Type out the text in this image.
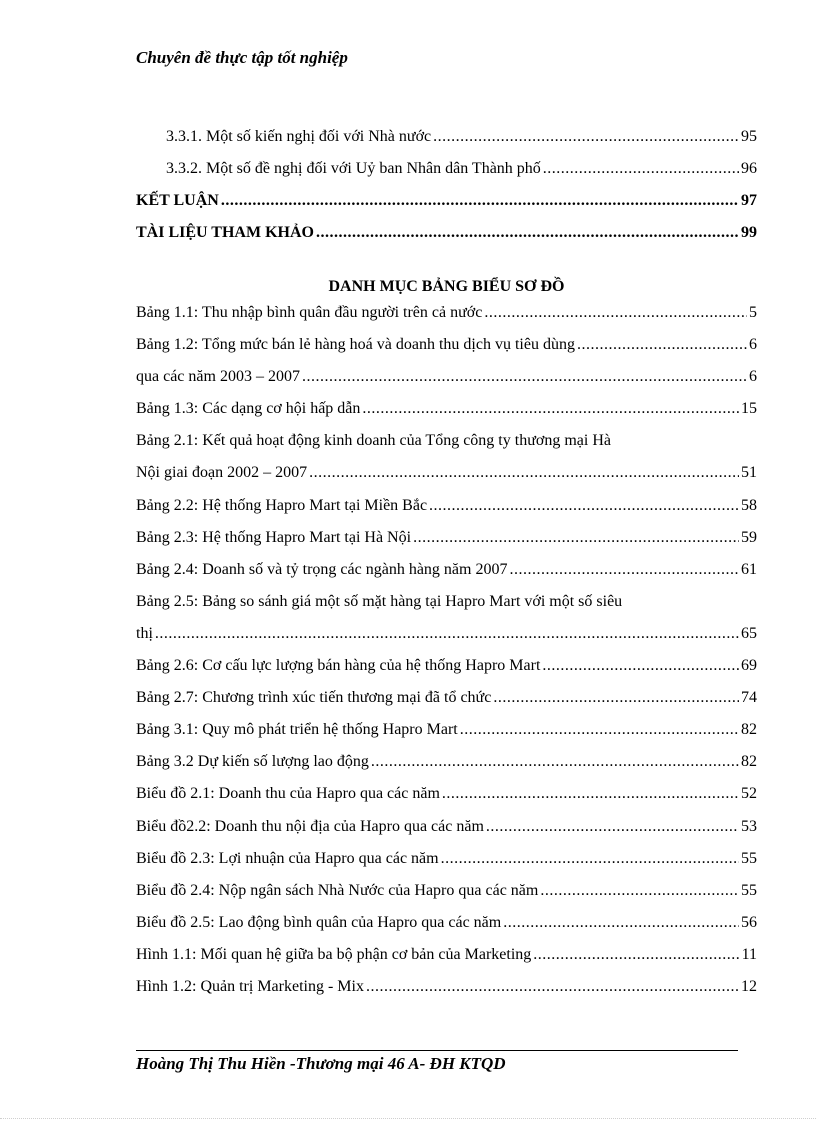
Chuyên đề thực tập tốt nghiệp
3.3.1. Một số kiến nghị đối với Nhà nước .....	95
3.3.2. Một số đề nghị đối với Uỷ ban Nhân dân Thành phố .....	96
KẾT LUẬN .....	97
TÀI LIỆU THAM KHẢO .....	99
DANH MỤC BẢNG BIỂU SƠ ĐỒ
Bảng 1.1: Thu nhập bình quân đầu người trên cả nước .....	5
Bảng 1.2: Tổng mức bán lẻ hàng hoá và doanh thu dịch vụ tiêu dùng .....	6
qua các năm 2003 – 2007 .....	6
Bảng 1.3: Các dạng cơ hội hấp dẫn .....	15
Bảng 2.1: Kết quả hoạt động kinh doanh của Tổng công ty thương mại Hà
Nội giai đoạn 2002 – 2007 .....	51
Bảng 2.2: Hệ thống Hapro Mart tại Miền Bắc .....	58
Bảng 2.3: Hệ thống Hapro Mart tại Hà Nội .....	59
Bảng 2.4: Doanh số và tỷ trọng các ngành hàng năm 2007 .....	61
Bảng 2.5: Bảng so sánh giá một số mặt hàng tại Hapro Mart với một số siêu
thị .....	65
Bảng 2.6: Cơ cấu lực lượng bán hàng của hệ thống Hapro Mart .....	69
Bảng 2.7: Chương trình xúc tiến thương mại đã tổ chức .....	74
Bảng 3.1: Quy mô phát triển hệ thống Hapro Mart .....	82
Bảng 3.2 Dự kiến số lượng lao động .....	82
Biểu đồ 2.1: Doanh thu của Hapro qua các năm .....	52
Biểu đồ2.2: Doanh thu nội địa của Hapro qua các năm .....	53
Biểu đồ 2.3: Lợi nhuận của Hapro qua các năm .....	55
Biểu đồ 2.4: Nộp ngân sách Nhà Nước của Hapro qua các năm .....	55
Biểu đồ 2.5: Lao động bình quân của Hapro qua các năm .....	56
Hình 1.1: Mối quan hệ giữa ba bộ phận cơ bản của Marketing .....	11
Hình 1.2: Quản trị Marketing - Mix .....	12
Hoàng Thị Thu Hiền -Thương mại 46 A- ĐH KTQD
